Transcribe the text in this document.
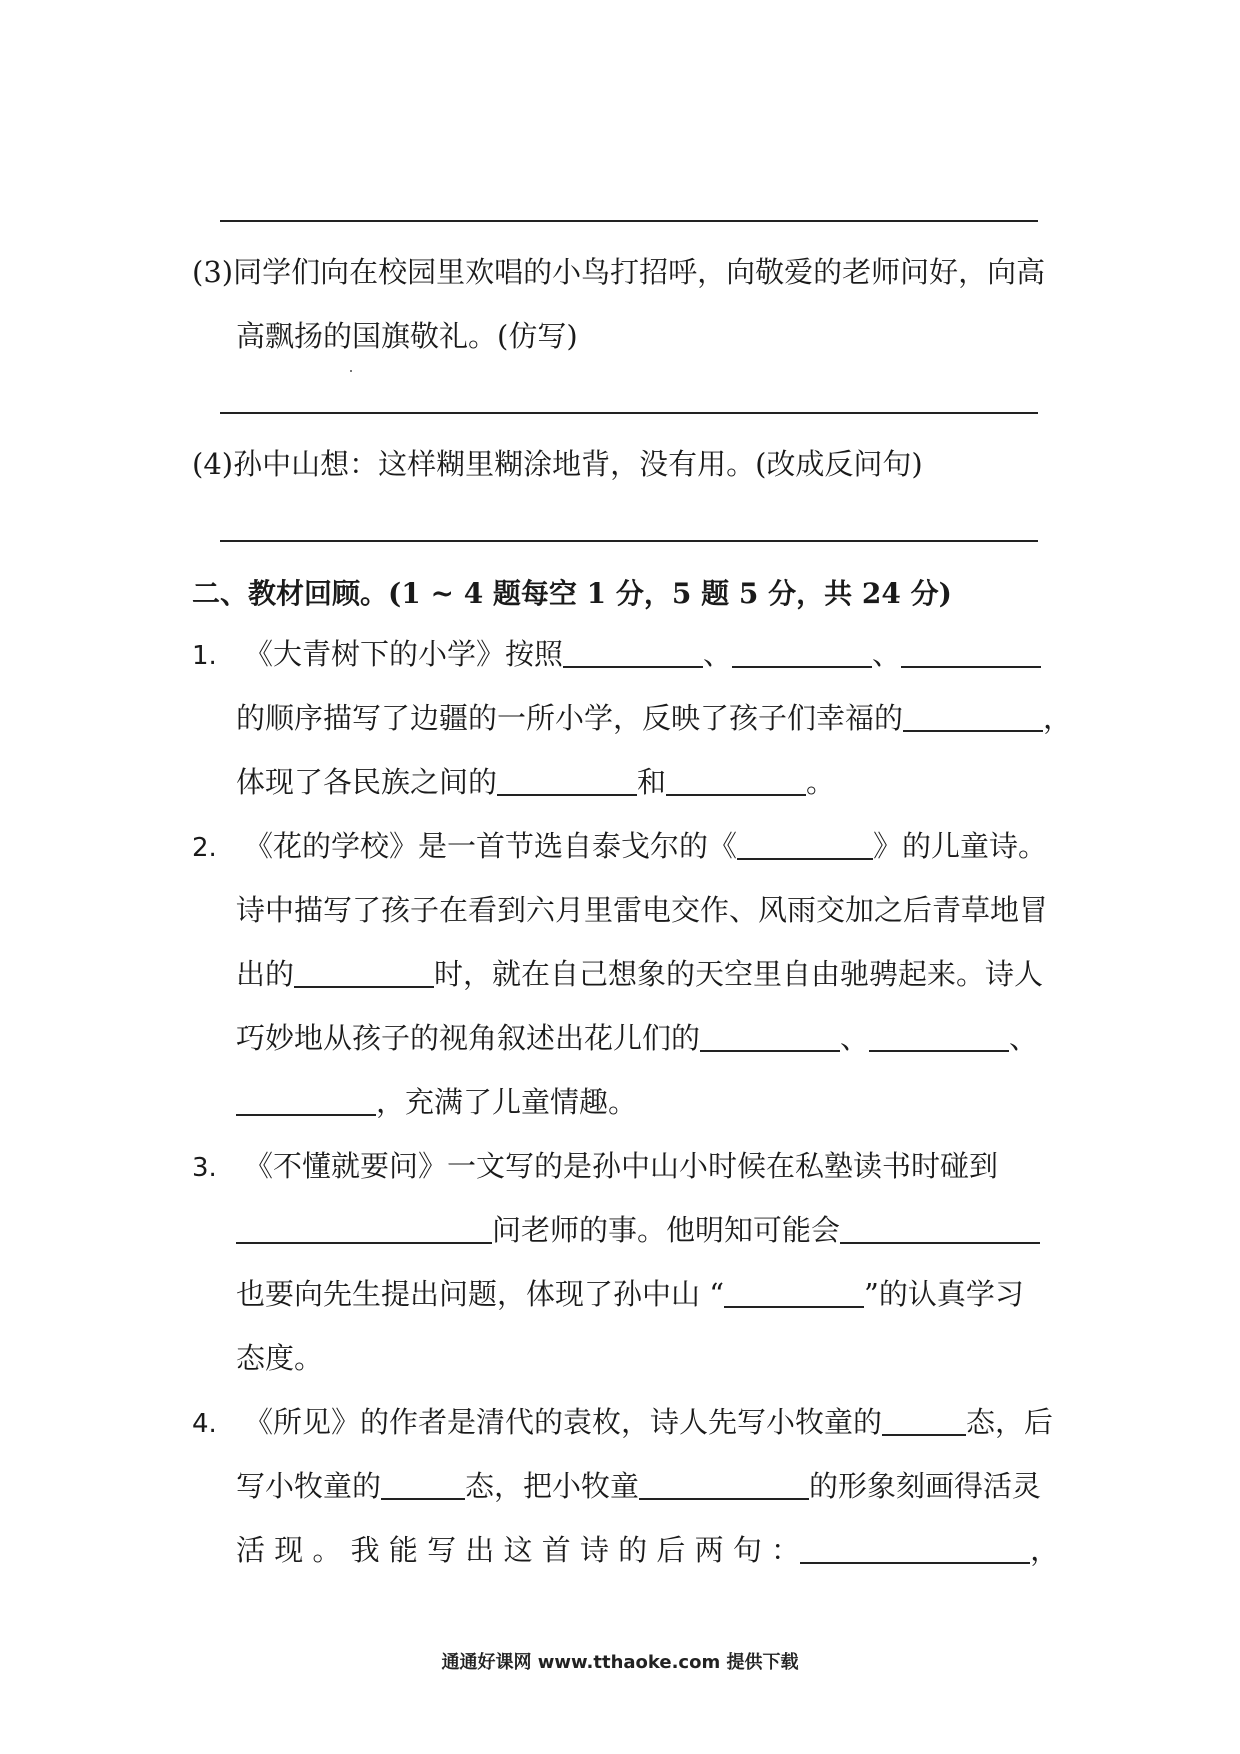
(3)同学们向在校园里欢唱的小鸟打招呼，向敬爱的老师问好，向高
高飘扬的国旗敬礼。(仿写)
(4)孙中山想：这样糊里糊涂地背，没有用。(改成反问句)
二、教材回顾。(1 ~ 4 题每空 1 分，5 题 5 分，共 24 分)
1. 《大青树下的小学》按照	、	、
的顺序描写了边疆的一所小学，反映了孩子们幸福的	，
体现了各民族之间的	和	。
2. 《花的学校》是一首节选自泰戈尔的《	》的儿童诗。
诗中描写了孩子在看到六月里雷电交作、风雨交加之后青草地冒
出的	时，就在自己想象的天空里自由驰骋起来。诗人
巧妙地从孩子的视角叙述出花儿们的	、	、
，充满了儿童情趣。
3. 《不懂就要问》一文写的是孙中山小时候在私塾读书时碰到
问老师的事。他明知可能会
也要向先生提出问题，体现了孙中山 “	”的认真学习
态度。
4. 《所见》的作者是清代的袁枚，诗人先写小牧童的	态，后
写小牧童的	态，把小牧童	的形象刻画得活灵
活 现 。 我 能 写 出 这 首 诗 的 后 两 句 ：	，
通通好课网 www.tthaoke.com 提供下载
